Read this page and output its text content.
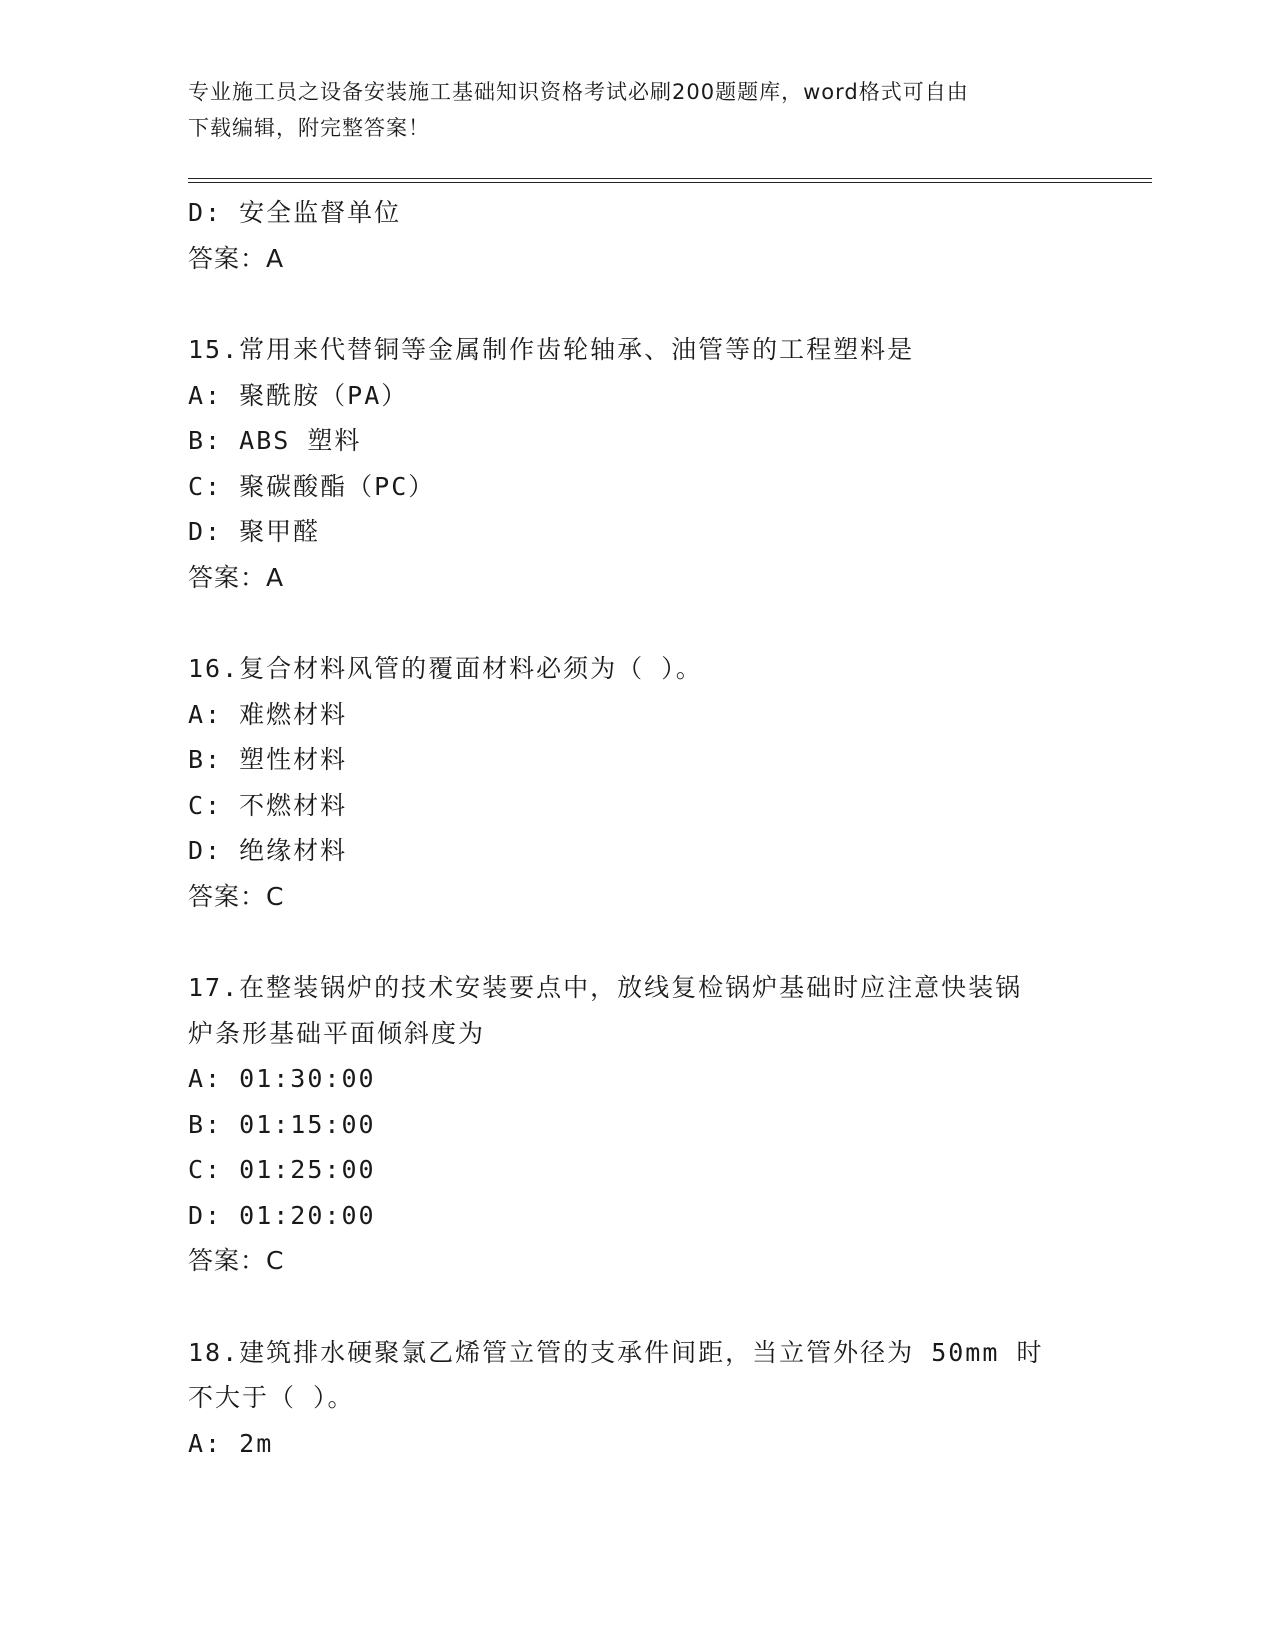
专业施工员之设备安装施工基础知识资格考试必刷200题题库，word格式可自由
下载编辑，附完整答案！
D: 安全监督单位
答案：A
15.常用来代替铜等金属制作齿轮轴承、油管等的工程塑料是
A: 聚酰胺（PA）
B: ABS 塑料
C: 聚碳酸酯（PC）
D: 聚甲醛
答案：A
16.复合材料风管的覆面材料必须为（ ）。
A: 难燃材料
B: 塑性材料
C: 不燃材料
D: 绝缘材料
答案：C
17.在整装锅炉的技术安装要点中，放线复检锅炉基础时应注意快装锅
炉条形基础平面倾斜度为
A: 01:30:00
B: 01:15:00
C: 01:25:00
D: 01:20:00
答案：C
18.建筑排水硬聚氯乙烯管立管的支承件间距，当立管外径为 50mm 时
不大于（ ）。
A: 2m
